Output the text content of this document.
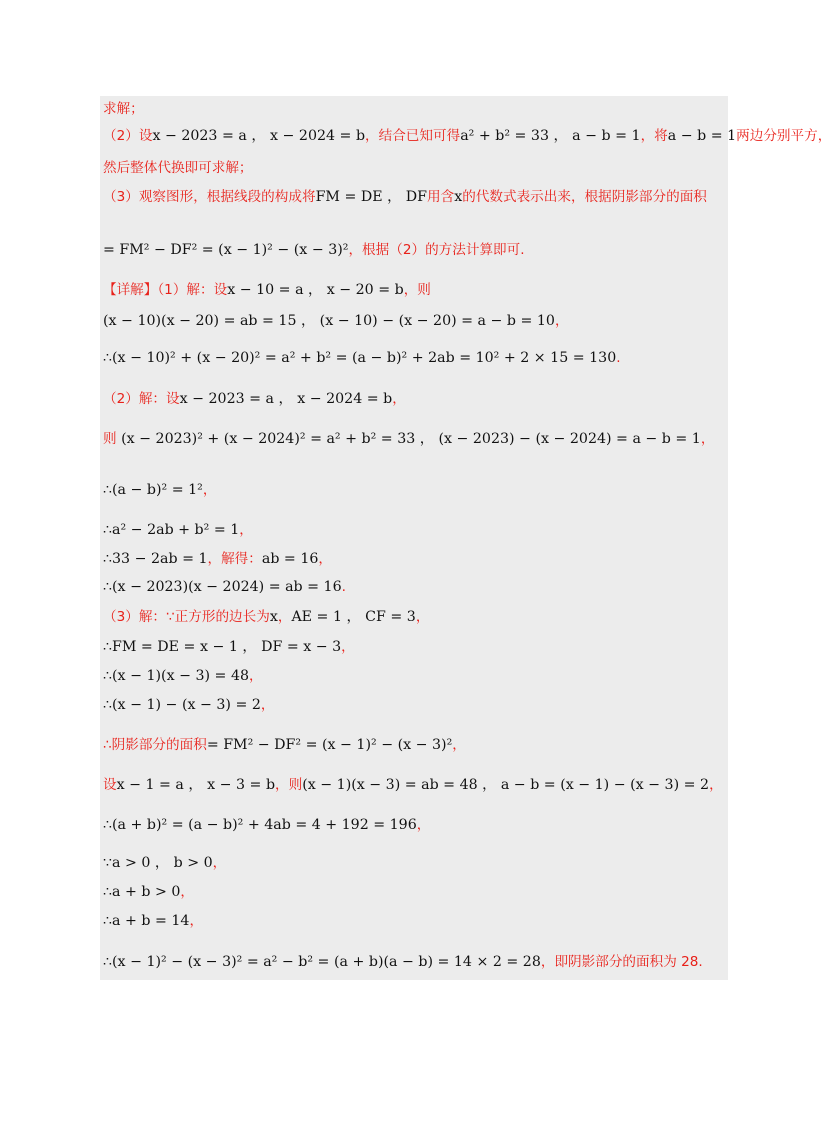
求解；
（2）设x − 2023 = a ， x − 2024 = b，结合已知可得a² + b² = 33 ， a − b = 1，将a − b = 1两边分别平方，
然后整体代换即可求解；
（3）观察图形，根据线段的构成将FM = DE ， DF用含x的代数式表示出来，根据阴影部分的面积
= FM² − DF² = (x − 1)² − (x − 3)²，根据（2）的方法计算即可.
【详解】（1）解：设x − 10 = a ， x − 20 = b，则
(x − 10)(x − 20) = ab = 15 ， (x − 10) − (x − 20) = a − b = 10，
∴(x − 10)² + (x − 20)² = a² + b² = (a − b)² + 2ab = 10² + 2 × 15 = 130.
（2）解：设x − 2023 = a ， x − 2024 = b，
则 (x − 2023)² + (x − 2024)² = a² + b² = 33 ， (x − 2023) − (x − 2024) = a − b = 1，
∴(a − b)² = 1²，
∴a² − 2ab + b² = 1，
∴33 − 2ab = 1，解得：ab = 16，
∴(x − 2023)(x − 2024) = ab = 16.
（3）解：∵正方形的边长为x，AE = 1 ， CF = 3，
∴FM = DE = x − 1 ， DF = x − 3，
∴(x − 1)(x − 3) = 48，
∴(x − 1) − (x − 3) = 2，
∴阴影部分的面积= FM² − DF² = (x − 1)² − (x − 3)²，
设x − 1 = a ， x − 3 = b，则(x − 1)(x − 3) = ab = 48 ， a − b = (x − 1) − (x − 3) = 2，
∴(a + b)² = (a − b)² + 4ab = 4 + 192 = 196，
∵a > 0 ， b > 0，
∴a + b > 0，
∴a + b = 14，
∴(x − 1)² − (x − 3)² = a² − b² = (a + b)(a − b) = 14 × 2 = 28，即阴影部分的面积为 28.
